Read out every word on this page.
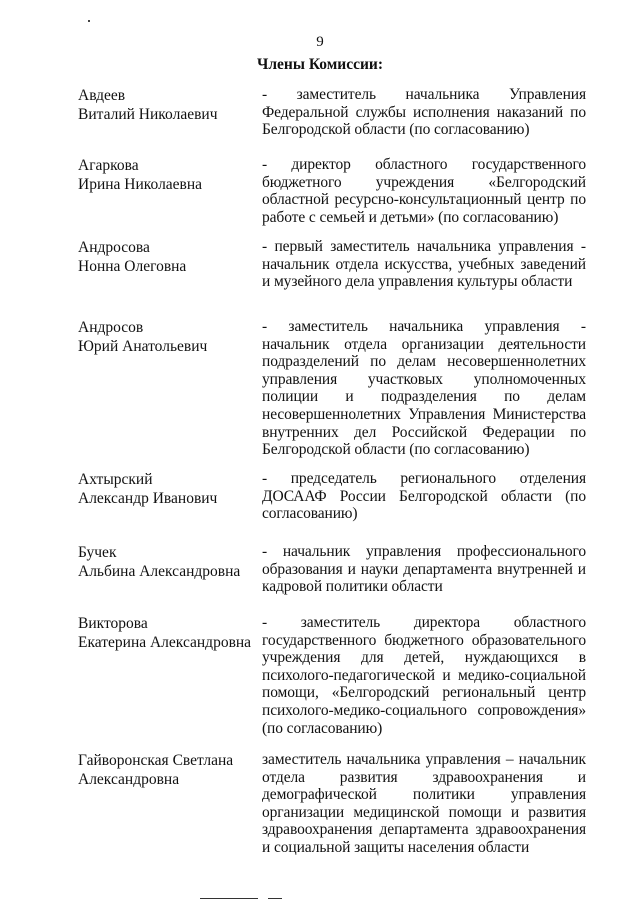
9
Члены Комиссии:
Авдеев
Виталий Николаевич
- заместитель начальника Управления Федеральной службы исполнения наказаний по Белгородской области (по согласованию)
Агаркова
Ирина Николаевна
- директор областного государственного бюджетного учреждения «Белгородский областной ресурсно-консультационный центр по работе с семьей и детьми» (по согласованию)
Андросова
Нонна Олеговна
- первый заместитель начальника управления - начальник отдела искусства, учебных заведений и музейного дела управления культуры области
Андросов
Юрий Анатольевич
- заместитель начальника управления - начальник отдела организации деятельности подразделений по делам несовершеннолетних управления участковых уполномоченных полиции и подразделения по делам несовершеннолетних Управления Министерства внутренних дел Российской Федерации по Белгородской области (по согласованию)
Ахтырский
Александр Иванович
- председатель регионального отделения ДОСААФ России Белгородской области (по согласованию)
Бучек
Альбина Александровна
- начальник управления профессионального образования и науки департамента внутренней и кадровой политики области
Викторова
Екатерина Александровна
- заместитель директора областного государственного бюджетного образовательного учреждения для детей, нуждающихся в психолого-педагогической и медико-социальной помощи, «Белгородский региональный центр психолого-медико-социального сопровождения» (по согласованию)
Гайворонская Светлана
Александровна
заместитель начальника управления – начальник отдела развития здравоохранения и демографической политики управления организации медицинской помощи и развития здравоохранения департамента здравоохранения и социальной защиты населения области
